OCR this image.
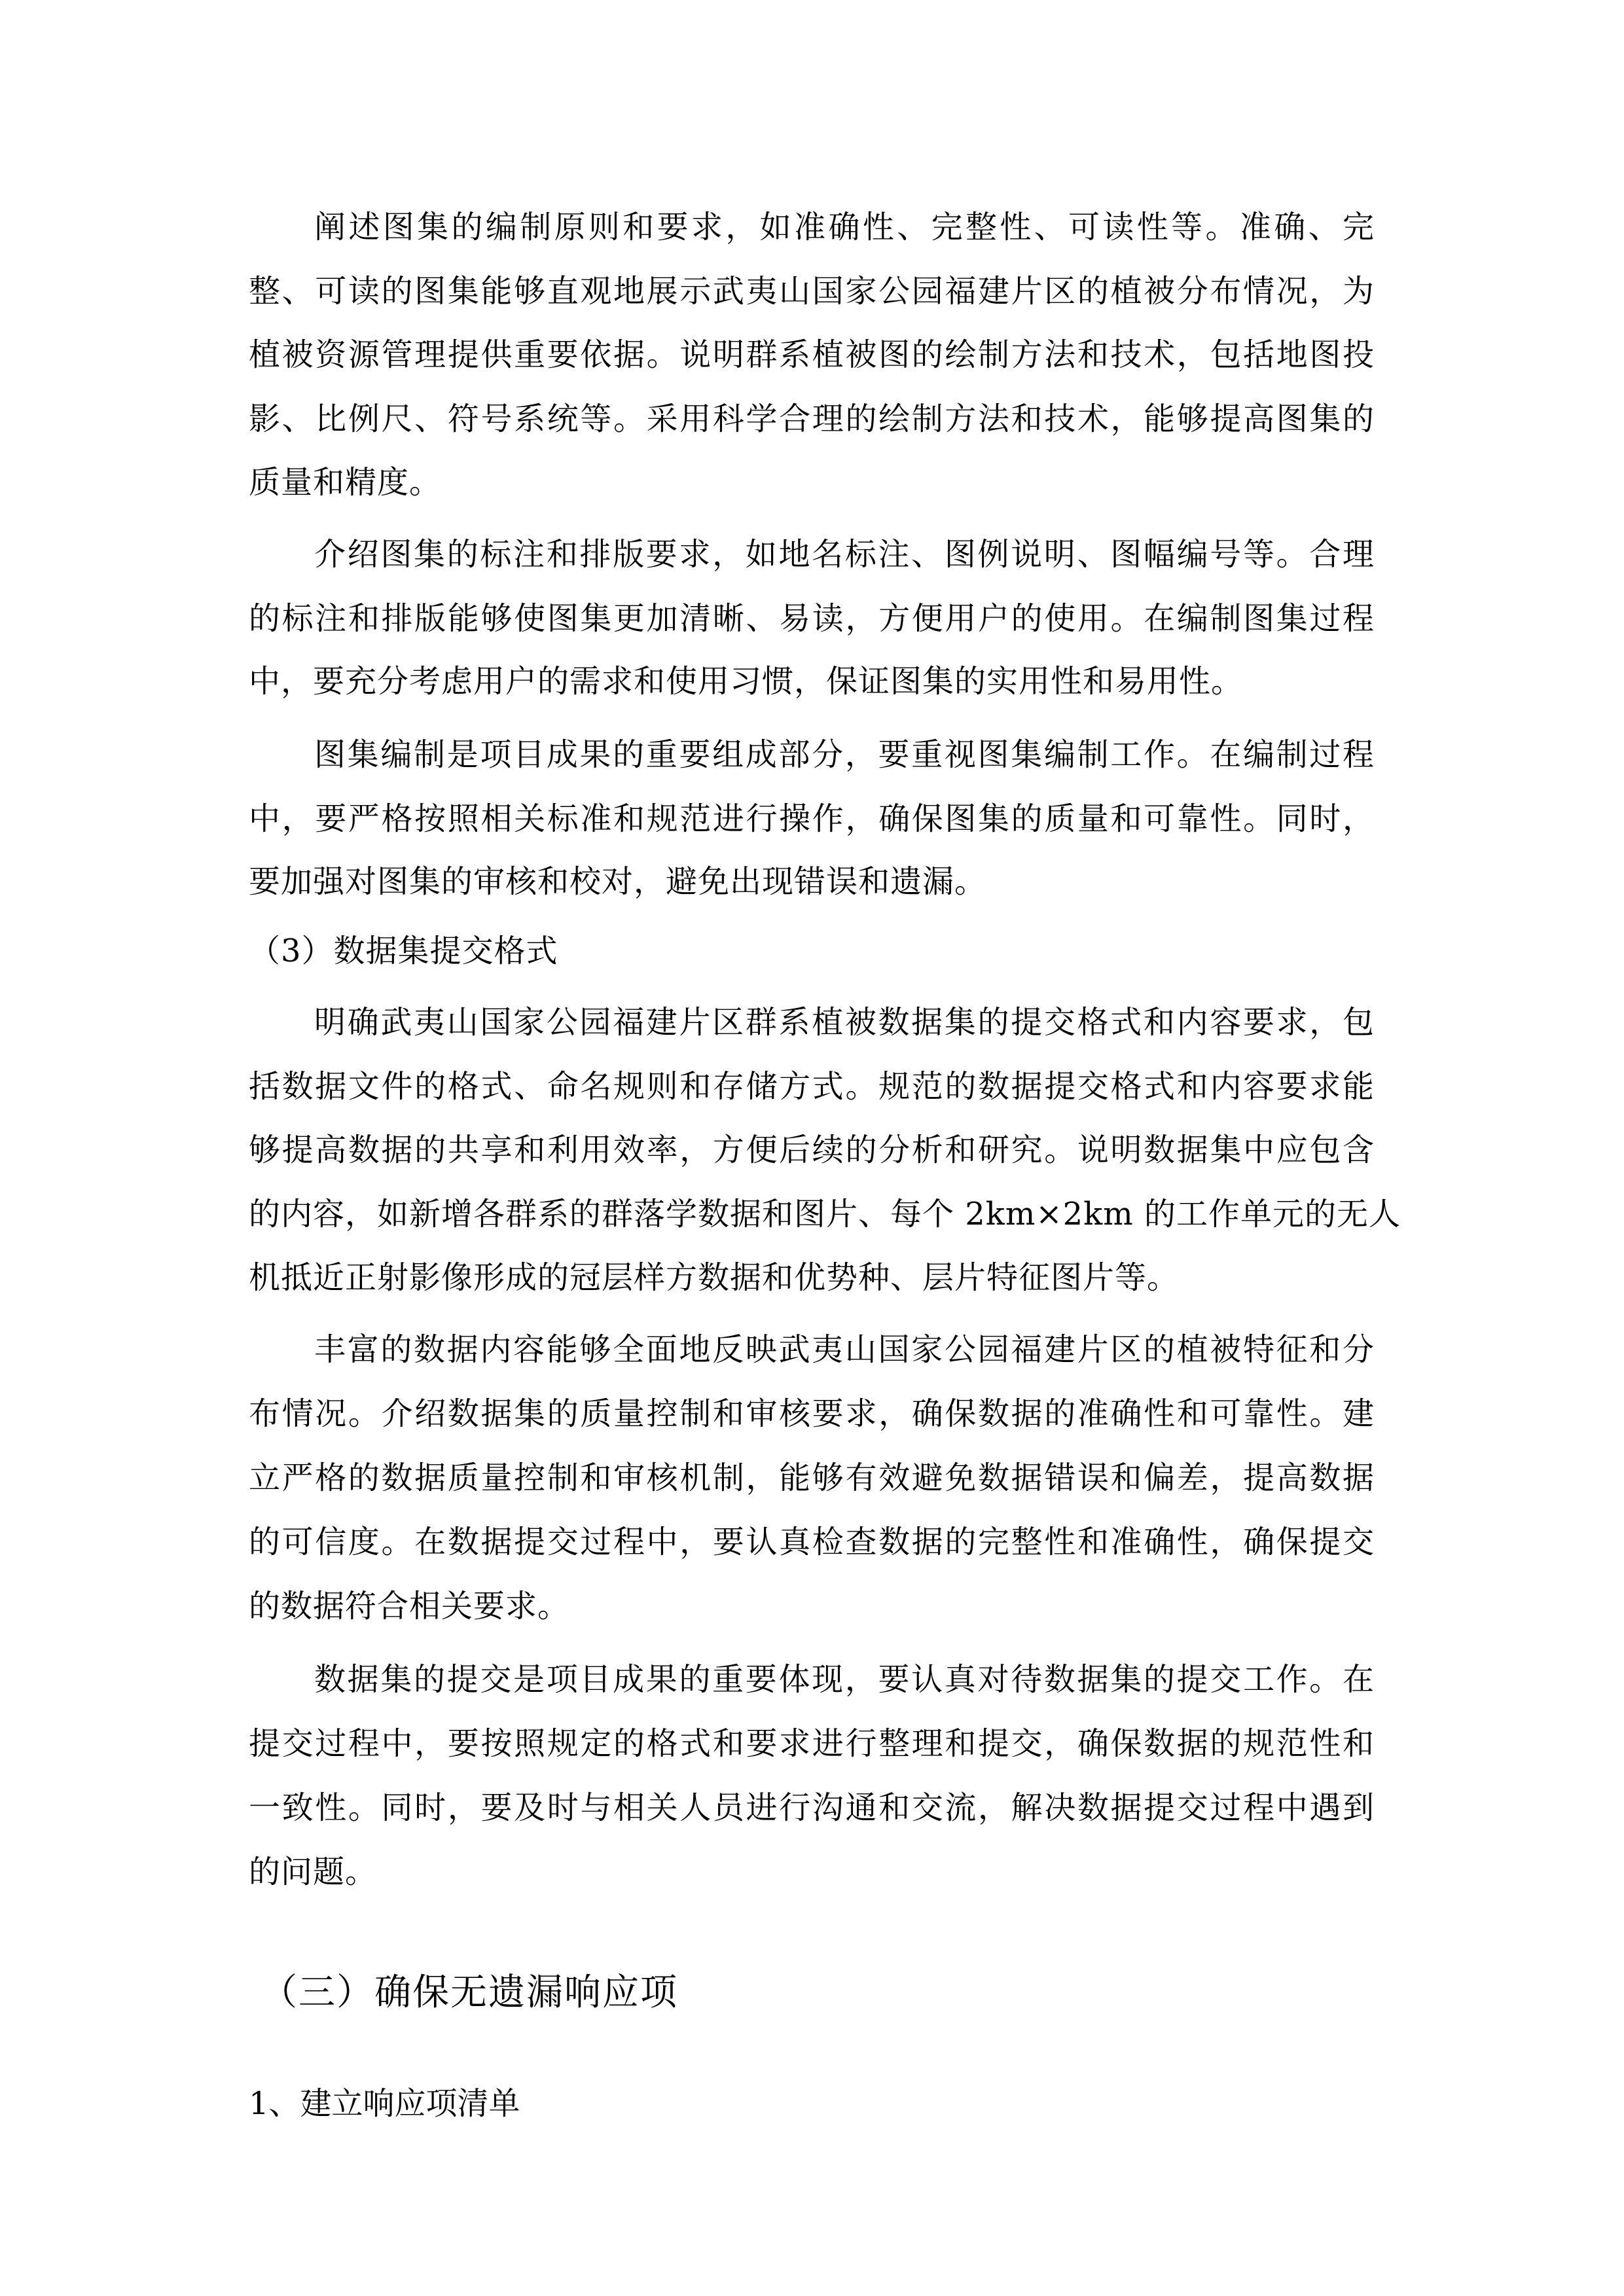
阐述图集的编制原则和要求，如准确性、完整性、可读性等。准确、完
整、可读的图集能够直观地展示武夷山国家公园福建片区的植被分布情况，为
植被资源管理提供重要依据。说明群系植被图的绘制方法和技术，包括地图投
影、比例尺、符号系统等。采用科学合理的绘制方法和技术，能够提高图集的
质量和精度。
介绍图集的标注和排版要求，如地名标注、图例说明、图幅编号等。合理
的标注和排版能够使图集更加清晰、易读，方便用户的使用。在编制图集过程
中，要充分考虑用户的需求和使用习惯，保证图集的实用性和易用性。
图集编制是项目成果的重要组成部分，要重视图集编制工作。在编制过程
中，要严格按照相关标准和规范进行操作，确保图集的质量和可靠性。同时，
要加强对图集的审核和校对，避免出现错误和遗漏。
（3）数据集提交格式
明确武夷山国家公园福建片区群系植被数据集的提交格式和内容要求，包
括数据文件的格式、命名规则和存储方式。规范的数据提交格式和内容要求能
够提高数据的共享和利用效率，方便后续的分析和研究。说明数据集中应包含
的内容，如新增各群系的群落学数据和图片、每个 2km×2km 的工作单元的无人
机抵近正射影像形成的冠层样方数据和优势种、层片特征图片等。
丰富的数据内容能够全面地反映武夷山国家公园福建片区的植被特征和分
布情况。介绍数据集的质量控制和审核要求，确保数据的准确性和可靠性。建
立严格的数据质量控制和审核机制，能够有效避免数据错误和偏差，提高数据
的可信度。在数据提交过程中，要认真检查数据的完整性和准确性，确保提交
的数据符合相关要求。
数据集的提交是项目成果的重要体现，要认真对待数据集的提交工作。在
提交过程中，要按照规定的格式和要求进行整理和提交，确保数据的规范性和
一致性。同时，要及时与相关人员进行沟通和交流，解决数据提交过程中遇到
的问题。
（三）确保无遗漏响应项
1、建立响应项清单
